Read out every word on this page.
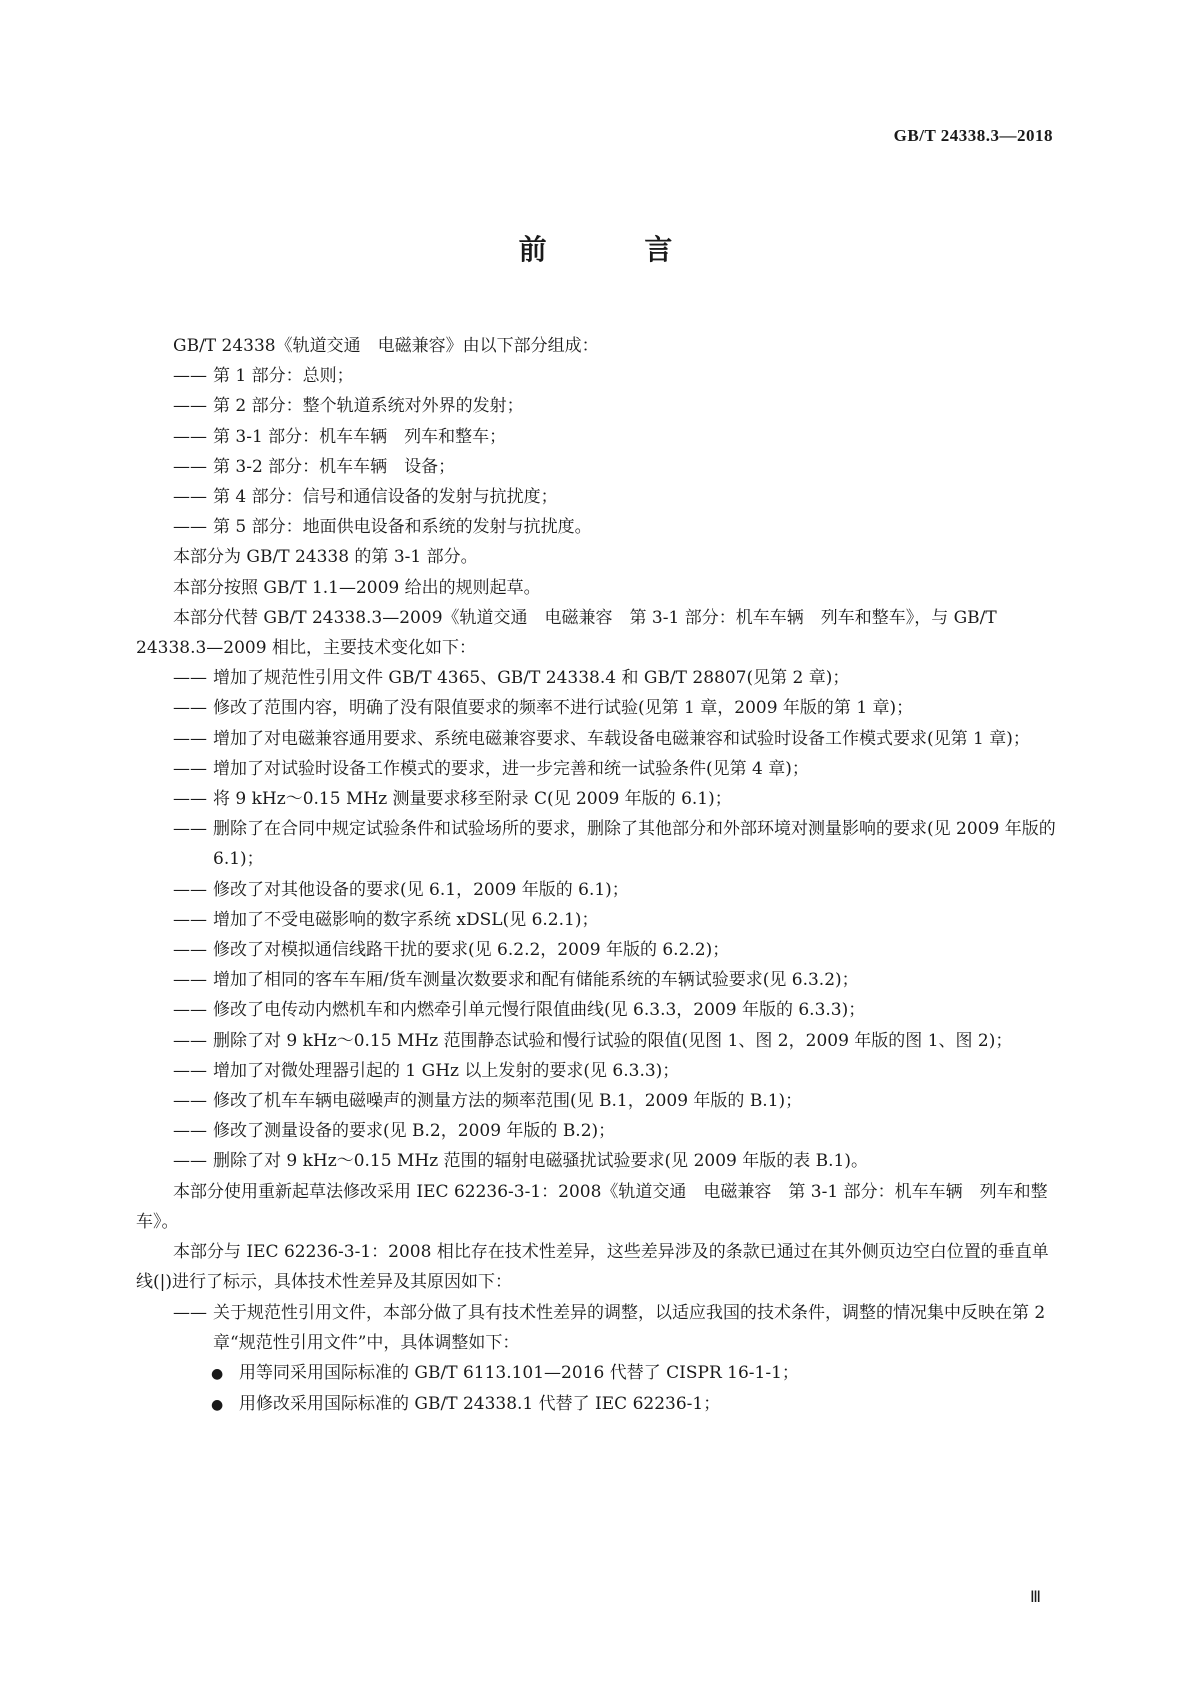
GB/T 24338.3—2018
前 言

GB/T 24338《轨道交通　电磁兼容》由以下部分组成：

—— 第 1 部分：总则；

—— 第 2 部分：整个轨道系统对外界的发射；

—— 第 3-1 部分：机车车辆　列车和整车；

—— 第 3-2 部分：机车车辆　设备；

—— 第 4 部分：信号和通信设备的发射与抗扰度；

—— 第 5 部分：地面供电设备和系统的发射与抗扰度。

本部分为 GB/T 24338 的第 3-1 部分。

本部分按照 GB/T 1.1—2009 给出的规则起草。

本部分代替 GB/T 24338.3—2009《轨道交通　电磁兼容　第 3-1 部分：机车车辆　列车和整车》，与 GB/T 24338.3—2009 相比，主要技术变化如下：

—— 增加了规范性引用文件 GB/T 4365、GB/T 24338.4 和 GB/T 28807(见第 2 章)；

—— 修改了范围内容，明确了没有限值要求的频率不进行试验(见第 1 章，2009 年版的第 1 章)；

—— 增加了对电磁兼容通用要求、系统电磁兼容要求、车载设备电磁兼容和试验时设备工作模式要求(见第 1 章)；

—— 增加了对试验时设备工作模式的要求，进一步完善和统一试验条件(见第 4 章)；

—— 将 9 kHz～0.15 MHz 测量要求移至附录 C(见 2009 年版的 6.1)；

—— 删除了在合同中规定试验条件和试验场所的要求，删除了其他部分和外部环境对测量影响的要求(见 2009 年版的 6.1)；

—— 修改了对其他设备的要求(见 6.1，2009 年版的 6.1)；

—— 增加了不受电磁影响的数字系统 xDSL(见 6.2.1)；

—— 修改了对模拟通信线路干扰的要求(见 6.2.2，2009 年版的 6.2.2)；

—— 增加了相同的客车车厢/货车测量次数要求和配有储能系统的车辆试验要求(见 6.3.2)；

—— 修改了电传动内燃机车和内燃牵引单元慢行限值曲线(见 6.3.3，2009 年版的 6.3.3)；

—— 删除了对 9 kHz～0.15 MHz 范围静态试验和慢行试验的限值(见图 1、图 2，2009 年版的图 1、图 2)；

—— 增加了对微处理器引起的 1 GHz 以上发射的要求(见 6.3.3)；

—— 修改了机车车辆电磁噪声的测量方法的频率范围(见 B.1，2009 年版的 B.1)；

—— 修改了测量设备的要求(见 B.2，2009 年版的 B.2)；

—— 删除了对 9 kHz～0.15 MHz 范围的辐射电磁骚扰试验要求(见 2009 年版的表 B.1)。

本部分使用重新起草法修改采用 IEC 62236-3-1：2008《轨道交通　电磁兼容　第 3-1 部分：机车车辆　列车和整车》。

本部分与 IEC 62236-3-1：2008 相比存在技术性差异，这些差异涉及的条款已通过在其外侧页边空白位置的垂直单线(|)进行了标示，具体技术性差异及其原因如下：

—— 关于规范性引用文件，本部分做了具有技术性差异的调整，以适应我国的技术条件，调整的情况集中反映在第 2 章“规范性引用文件”中，具体调整如下：

● 用等同采用国际标准的 GB/T 6113.101—2016 代替了 CISPR 16-1-1；

● 用修改采用国际标准的 GB/T 24338.1 代替了 IEC 62236-1；

Ⅲ
